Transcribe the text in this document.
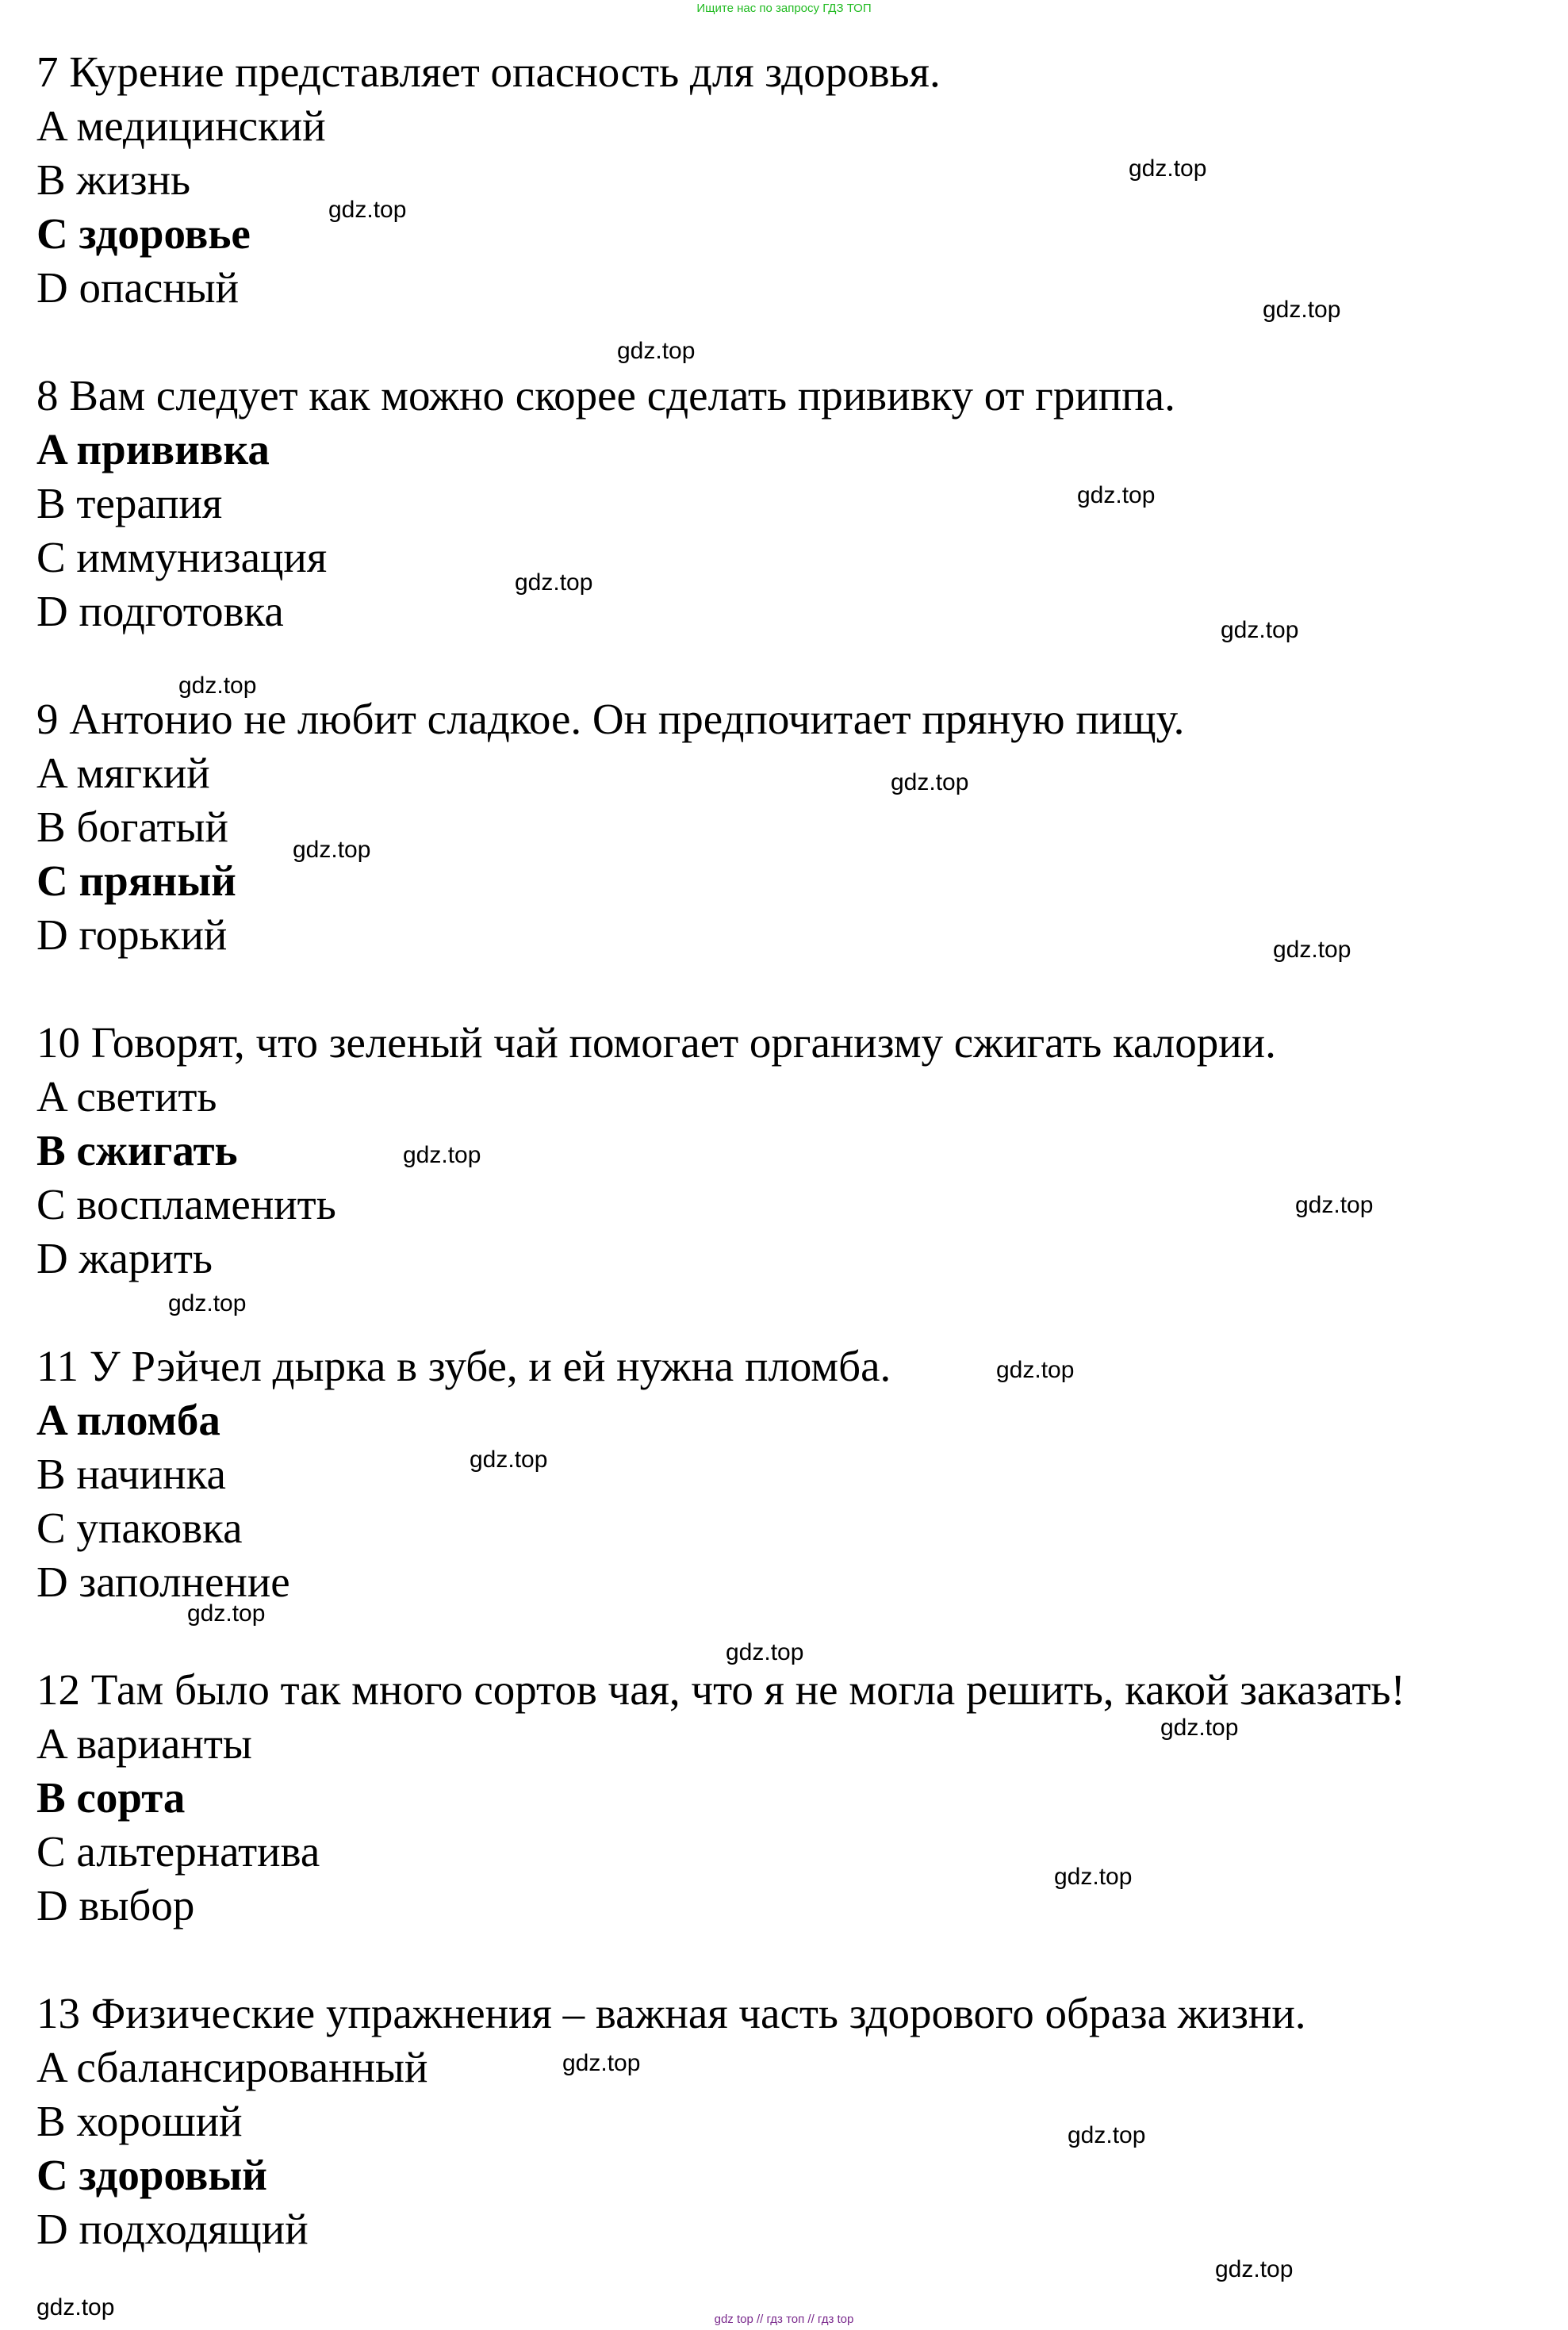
Ищите нас по запросу ГДЗ ТОП
7 Курение представляет опасность для здоровья.
A медицинский
B жизнь
C здоровье
D опасный
8 Вам следует как можно скорее сделать прививку от гриппа.
A прививка
B терапия
C иммунизация
D подготовка
9 Антонио не любит сладкое. Он предпочитает пряную пищу.
A мягкий
B богатый
C пряный
D горький
10 Говорят, что зеленый чай помогает организму сжигать калории.
A светить
B сжигать
C воспламенить
D жарить
11 У Рэйчел дырка в зубе, и ей нужна пломба.
A пломба
B начинка
C упаковка
D заполнение
12 Там было так много сортов чая, что я не могла решить, какой заказать!
A варианты
B сорта
C альтернатива
D выбор
13 Физические упражнения – важная часть здорового образа жизни.
A сбалансированный
B хороший
C здоровый
D подходящий
gdz.top
gdz.top
gdz.top
gdz.top
gdz.top
gdz.top
gdz.top
gdz.top
gdz.top
gdz.top
gdz.top
gdz.top
gdz.top
gdz.top
gdz.top
gdz.top
gdz.top
gdz.top
gdz.top
gdz.top
gdz.top
gdz.top
gdz.top
gdz.top	gdz top // гдз топ // гдз top
